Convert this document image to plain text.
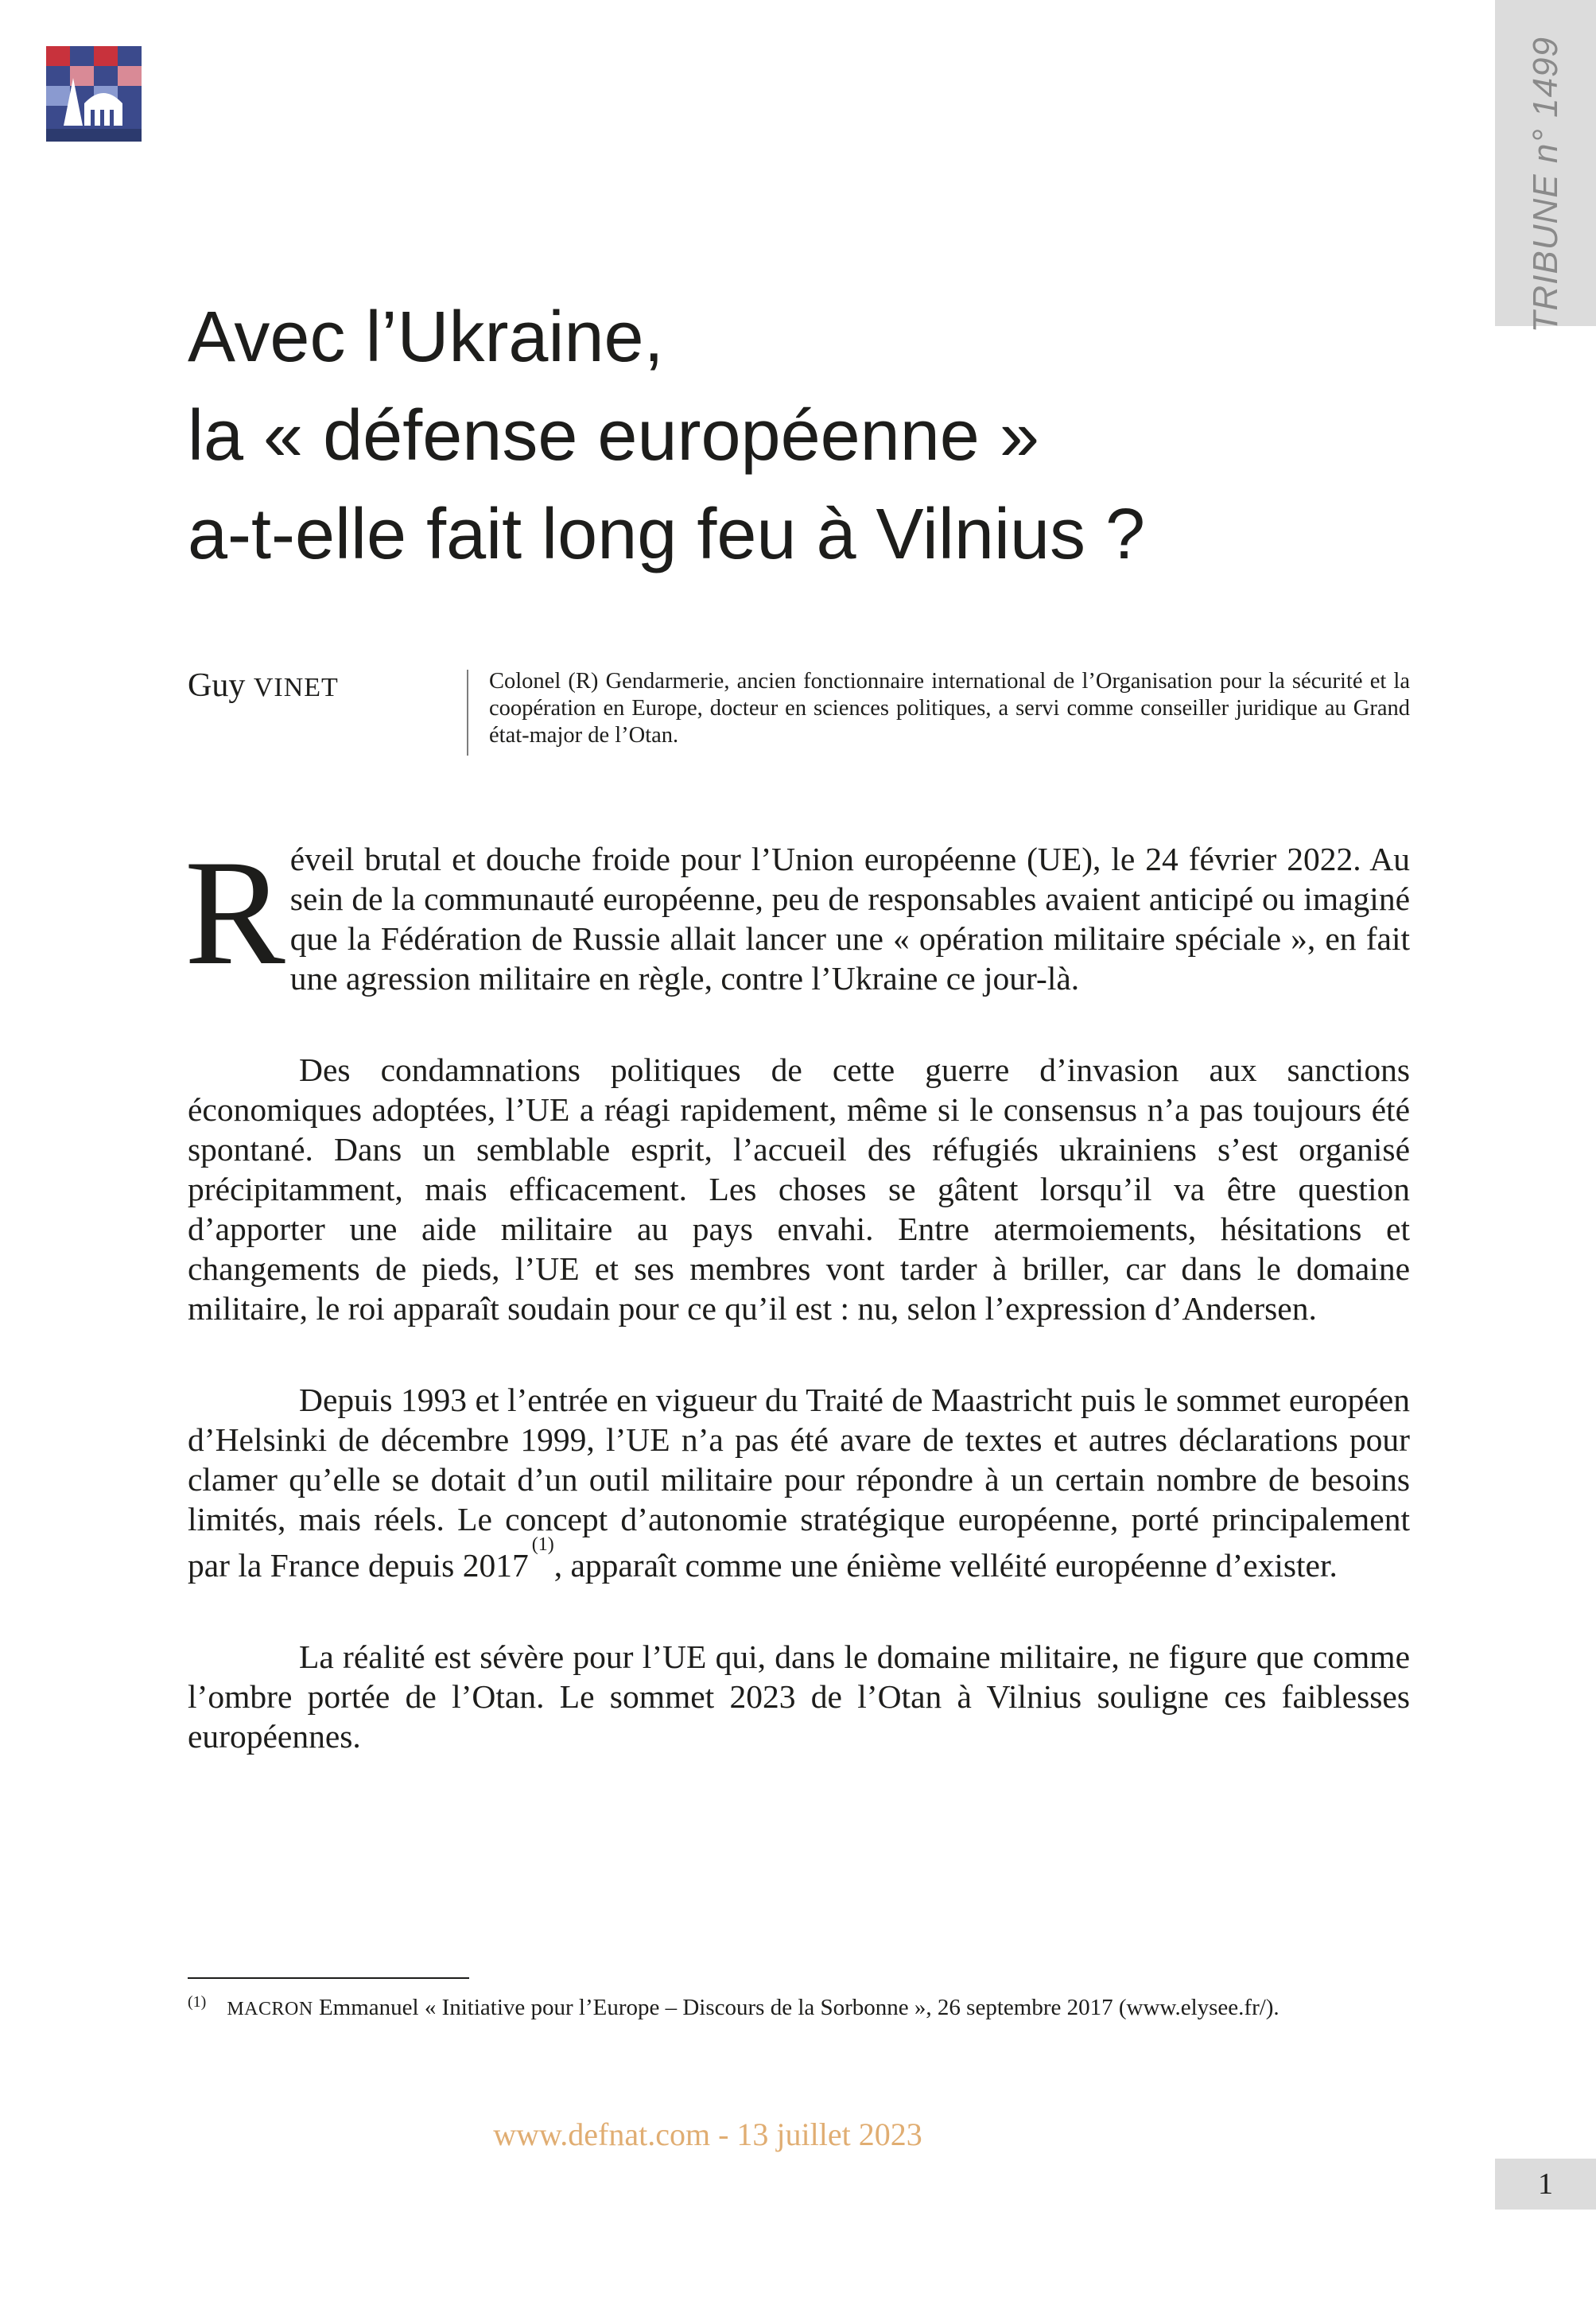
TRIBUNE n° 1499
Avec l’Ukraine,
la « défense européenne »
a-t-elle fait long feu à Vilnius ?
Guy VINET	Colonel (R) Gendarmerie, ancien fonctionnaire international de l’Organisation pour la sécurité et la coopération en Europe, docteur en sciences politiques, a servi comme conseiller juridique au Grand état-major de l’Otan.

Réveil brutal et douche froide pour l’Union européenne (UE), le 24 février 2022. Au sein de la communauté européenne, peu de responsables avaient anticipé ou imaginé que la Fédération de Russie allait lancer une « opération militaire spéciale », en fait une agression militaire en règle, contre l’Ukraine ce jour-là.

Des condamnations politiques de cette guerre d’invasion aux sanctions économiques adoptées, l’UE a réagi rapidement, même si le consensus n’a pas toujours été spontané. Dans un semblable esprit, l’accueil des réfugiés ukrainiens s’est organisé précipitamment, mais efficacement. Les choses se gâtent lorsqu’il va être question d’apporter une aide militaire au pays envahi. Entre atermoiements, hésitations et changements de pieds, l’UE et ses membres vont tarder à briller, car dans le domaine militaire, le roi apparaît soudain pour ce qu’il est : nu, selon l’expression d’Andersen.

Depuis 1993 et l’entrée en vigueur du Traité de Maastricht puis le sommet européen d’Helsinki de décembre 1999, l’UE n’a pas été avare de textes et autres déclarations pour clamer qu’elle se dotait d’un outil militaire pour répondre à un certain nombre de besoins limités, mais réels. Le concept d’autonomie stratégique européenne, porté principalement par la France depuis 2017$^{(1)}$, apparaît comme une énième velléité européenne d’exister.

La réalité est sévère pour l’UE qui, dans le domaine militaire, ne figure que comme l’ombre portée de l’Otan. Le sommet 2023 de l’Otan à Vilnius souligne ces faiblesses européennes.

$^{(1)}$ MACRON Emmanuel « Initiative pour l’Europe – Discours de la Sorbonne », 26 septembre 2017 (www.elysee.fr/).
www.defnat.com - 13 juillet 2023
1
